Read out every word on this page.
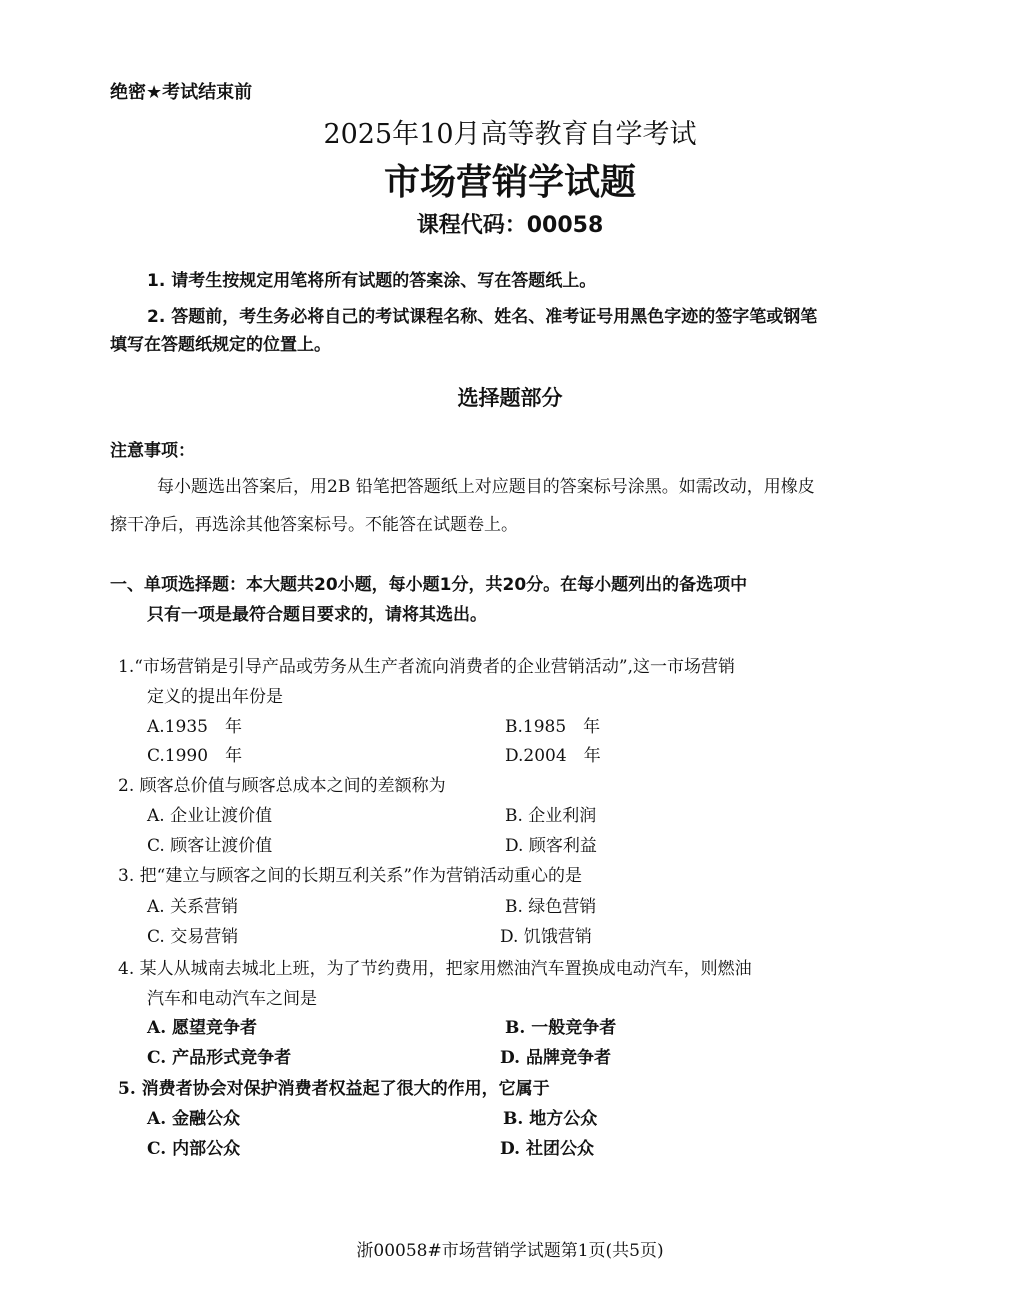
绝密★考试结束前
2025年10月高等教育自学考试
市场营销学试题
课程代码：00058
1. 请考生按规定用笔将所有试题的答案涂、写在答题纸上。
2. 答题前，考生务必将自己的考试课程名称、姓名、准考证号用黑色字迹的签字笔或钢笔
填写在答题纸规定的位置上。
选择题部分
注意事项：
每小题选出答案后，用2B 铅笔把答题纸上对应题目的答案标号涂黑。如需改动，用橡皮
擦干净后，再选涂其他答案标号。不能答在试题卷上。
一、单项选择题：本大题共20小题，每小题1分，共20分。在每小题列出的备选项中
只有一项是最符合题目要求的，请将其选出。
1.“市场营销是引导产品或劳务从生产者流向消费者的企业营销活动”,这一市场营销
定义的提出年份是
A.1935　年	B.1985　年
C.1990　年	D.2004　年
2. 顾客总价值与顾客总成本之间的差额称为
A. 企业让渡价值	B. 企业利润
C. 顾客让渡价值	D. 顾客利益
3. 把“建立与顾客之间的长期互利关系”作为营销活动重心的是
A. 关系营销	B. 绿色营销
C. 交易营销	D. 饥饿营销
4. 某人从城南去城北上班，为了节约费用，把家用燃油汽车置换成电动汽车，则燃油
汽车和电动汽车之间是
A. 愿望竞争者	B. 一般竞争者
C. 产品形式竞争者	D. 品牌竞争者
5. 消费者协会对保护消费者权益起了很大的作用，它属于
A. 金融公众	B. 地方公众
C. 内部公众	D. 社团公众
浙00058#市场营销学试题第1页(共5页)
